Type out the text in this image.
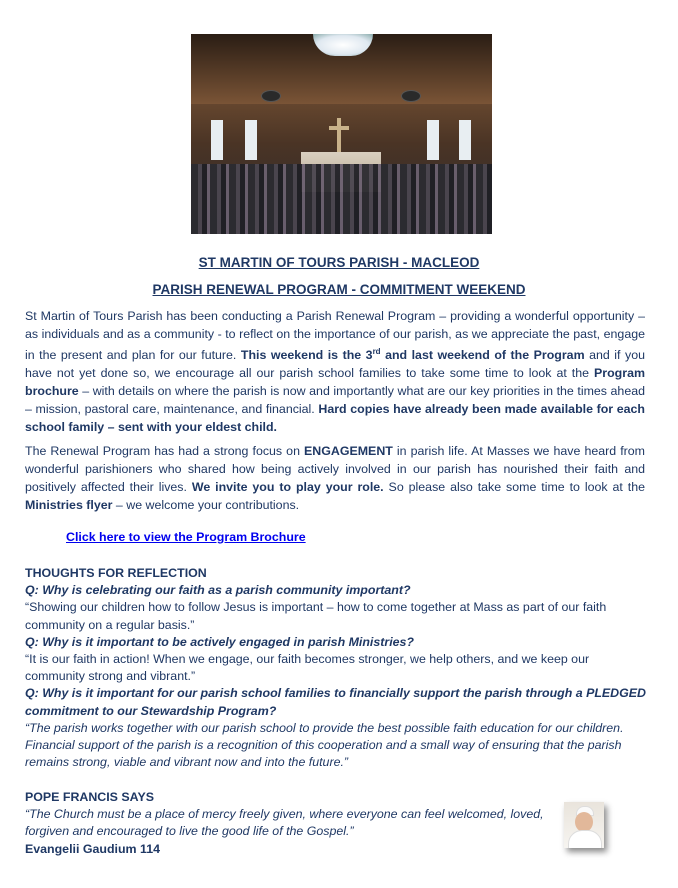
ST MARTIN OF TOURS PARISH - MACLEOD
PARISH RENEWAL PROGRAM - COMMITMENT WEEKEND
St Martin of Tours Parish has been conducting a Parish Renewal Program – providing a wonderful opportunity – as individuals and as a community - to reflect on the importance of our parish, as we appreciate the past, engage in the present and plan for our future. This weekend is the 3rd and last weekend of the Program and if you have not yet done so, we encourage all our parish school families to take some time to look at the Program brochure – with details on where the parish is now and importantly what are our key priorities in the times ahead – mission, pastoral care, maintenance, and financial. Hard copies have already been made available for each school family – sent with your eldest child.
The Renewal Program has had a strong focus on ENGAGEMENT in parish life. At Masses we have heard from wonderful parishioners who shared how being actively involved in our parish has nourished their faith and positively affected their lives. We invite you to play your role. So please also take some time to look at the Ministries flyer – we welcome your contributions.
Click here to view the Program Brochure
THOUGHTS FOR REFLECTION
Q: Why is celebrating our faith as a parish community important?
“Showing our children how to follow Jesus is important – how to come together at Mass as part of our faith community on a regular basis.”
Q: Why is it important to be actively engaged in parish Ministries?
“It is our faith in action! When we engage, our faith becomes stronger, we help others, and we keep our community strong and vibrant.”
Q: Why is it important for our parish school families to financially support the parish through a PLEDGED commitment to our Stewardship Program?
“The parish works together with our parish school to provide the best possible faith education for our children. Financial support of the parish is a recognition of this cooperation and a small way of ensuring that the parish remains strong, viable and vibrant now and into the future.”
POPE FRANCIS SAYS
“The Church must be a place of mercy freely given, where everyone can feel welcomed, loved, forgiven and encouraged to live the good life of the Gospel.”
Evangelii Gaudium 114
